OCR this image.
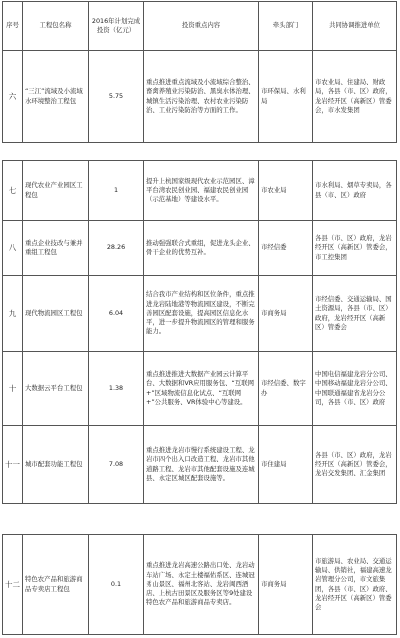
序号	工程包名称	2016年计划完成投资（亿元）	投资重点内容	牵头部门	共同协调推进单位
六	“三江”流域及小流域水环境整治工程包	5.75	重点推进重点流域及小流域综合整治、畜禽养殖业污染防治、黑臭水体治理、城镇生活污染治理、农村农业污染防治、工业污染防治等方面的工作。	市环保局、水利局	市农业局、住建局、财政局，各县（市、区）政府，龙岩经开区（高新区）管委会，市水发集团
七	现代农业产业园区工程包	1	提升上杭国家级现代农业示范园区、漳平台湾农民创业园、福建农民创业园（示范基地）等建设水平。	市农业局	市水利局、烟草专卖局，各县（市、区）政府
八	重点企业技改与兼并重组工程包	28.26	推动强强联合式重组，促进龙头企业、骨干企业的优势互补。	市经信委	各县（市、区）政府，龙岩经开区（高新区）管委会，市工控集团
九	现代物流园区工程包	6.04	结合我市产业结构和区位条件，重点推进龙岩陆地港等物流园区建设，不断完善园区配套设施，提高园区信息化水平，进一步提升物流园区的管理和服务能力。	市商务局	市经信委、交通运输局、国土资源局，各县（市、区）政府，龙岩经开区（高新区）管委会
十	大数据云平台工程包	1.38	重点推进推进大数据产业园云计算平台、大数据和VR应用服务包、“互联网+”区域物流信息化试点、“互联网+”公共服务、VR体验中心等建设。	市经信委、数字办	中国电信福建龙岩分公司、中国移动福建龙岩分公司、中国联通福建省龙岩分公司，各县（市、区）政府
十一	城市配套功能工程包	7.08	重点推进龙岩市慢行系统建设工程、龙岩市四个出入口改造工程、龙岩市其他道路工程、龙岩市其他配套设施及连城县、永定区城区配套设施等。	市住建局	各县（市、区）政府，龙岩经开区（高新区）管委会，龙岩交发集团、汇金集团
十二	特色农产品和旅游商品专卖店工程包	0.1	重点推进龙岩高速公路出口处、龙岩动车站广场、永定土楼福佑系区、连城冠豸山景区、福州北客站、龙岩闽西酒店、上杭古田景区及服务区等9处建设特色农产品和旅游商品专卖店。	市商务局	市旅游局、农业局、交通运输局、供销社，福建高速龙岩管理分公司，市文旅集团，各县（市、区）政府、龙岩经开区（高新区）管委会
